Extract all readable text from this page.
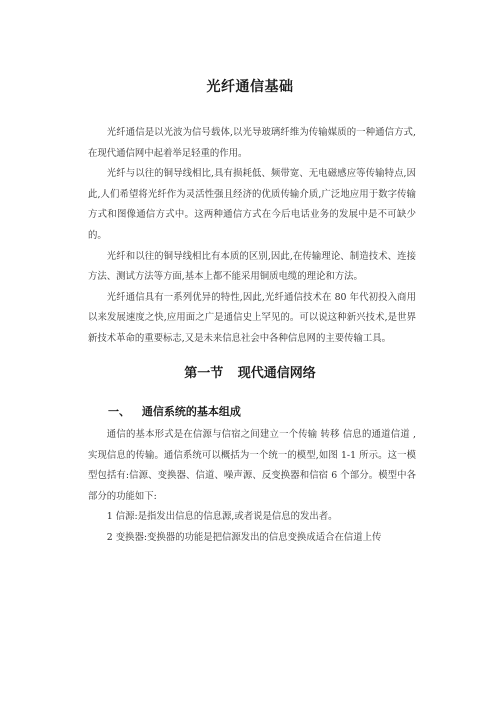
光纤通信基础

光纤通信是以光波为信号载体,以光导玻璃纤维为传输媒质的一种通信方式,在现代通信网中起着举足轻重的作用。

光纤与以往的铜导线相比,具有损耗低、频带宽、无电磁感应等传输特点,因此,人们希望将光纤作为灵活性强且经济的优质传输介质,广泛地应用于数字传输方式和图像通信方式中。这两种通信方式在今后电话业务的发展中是不可缺少的。

光纤和以往的铜导线相比有本质的区别,因此,在传输理论、制造技术、连接方法、测试方法等方面,基本上都不能采用铜质电缆的理论和方法。

光纤通信具有一系列优异的特性,因此,光纤通信技术在 80 年代初投入商用以来发展速度之快,应用面之广是通信史上罕见的。可以说这种新兴技术,是世界新技术革命的重要标志,又是未来信息社会中各种信息网的主要传输工具。

第一节 现代通信网络
一、 通信系统的基本组成

通信的基本形式是在信源与信宿之间建立一个传输 转移 信息的通道信道 ,实现信息的传输。通信系统可以概括为一个统一的模型,如图 1-1 所示。这一模型包括有:信源、变换器、信道、噪声源、反变换器和信宿 6 个部分。模型中各部分的功能如下:

1 信源:是指发出信息的信息源,或者说是信息的发出者。

2 变换器:变换器的功能是把信源发出的信息变换成适合在信道上传
